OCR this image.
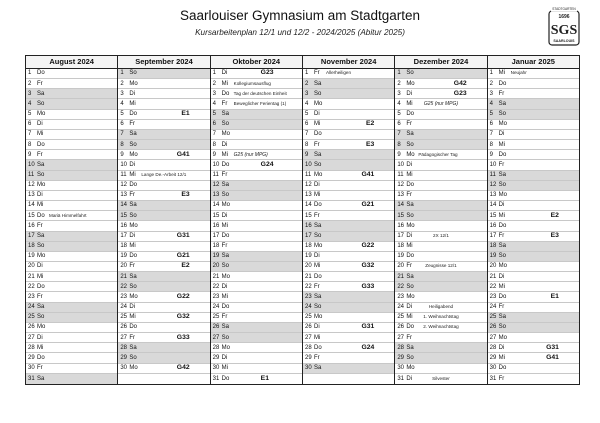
Saarlouiser Gymnasium am Stadtgarten
Kursarbeitenplan 12/1 und 12/2 - 2024/2025 (Abitur 2025)
STADTGARTEN
1696
SGS
SAARLOUIS
August 2024
1 Do
2 Fr
3 Sa
4 So
5 Mo
6 Di
7 Mi
8 Do
9 Fr
10 Sa
11 So
12 Mo
13 Di
14 Mi
15 Do Mariä Himmelfahrt
16 Fr
17 Sa
18 So
19 Mo
20 Di
21 Mi
22 Do
23 Fr
24 Sa
25 So
26 Mo
27 Di
28 Mi
29 Do
30 Fr
31 Sa
September 2024
1 So
2 Mo
3 Di
4 Mi
5 Do	E1
6 Fr
7 Sa
8 So
9 Mo	G41
10 Di
11 Mi	Lange De.-Arbeit 12/1
12 Do
13 Fr	E3
14 Sa
15 So
16 Mo
17 Di	G31
18 Mi
19 Do	G21
20 Fr	E2
21 Sa
22 So
23 Mo	G22
24 Di
25 Mi	G32
26 Do
27 Fr	G33
28 Sa
29 So
30 Mo	G42
Oktober 2024
1 Di	G23
2 Mi	Kollegiumsausflug
3 Do Tag der deutschen Einheit
4 Fr	Beweglicher Ferientag (1)
5 Sa
6 So
7 Mo
8 Di
9 Mi	G25 (nur MPG)
10 Do	G24
11 Fr
12 Sa
13 So
14 Mo
15 Di
16 Mi
17 Do
18 Fr
19 Sa
20 So
21 Mo
22 Di
23 Mi
24 Do
25 Fr
26 Sa
27 So
28 Mo
29 Di
30 Mi
31 Do	E1
November 2024
1 Fr	Allerheiligen
2 Sa
3 So
4 Mo
5 Di
6 Mi	E2
7 Do
8 Fr	E3
9 Sa
10 So
11 Mo	G41
12 Di
13 Mi
14 Do	G21
15 Fr
16 Sa
17 So
18 Mo	G22
19 Di
20 Mi	G32
21 Do
22 Fr	G33
23 Sa
24 So
25 Mo
26 Di	G31
27 Mi
28 Do	G24
29 Fr
30 Sa
Dezember 2024
1 So
2 Mo	G42
3 Di	G23
4 Mi	G25 (nur MPG)
5 Do
6 Fr
7 Sa
8 So
9 Mo Pädagogischer Tag
10 Di
11 Mi
12 Do
13 Fr
14 Sa
15 So
16 Mo
17 Di	2X 12/1
18 Mi
19 Do
20 Fr	Zeugnisse 12/1
21 Sa
22 So
23 Mo
24 Di	Heiligabend
25 Mi	1. Weihnachtstag
26 Do	2. Weihnachtstag
27 Fr
28 Sa
29 So
30 Mo
31 Di	Silvester
Januar 2025
1 Mi	Neujahr
2 Do
3 Fr
4 Sa
5 So
6 Mo
7 Di
8 Mi
9 Do
10 Fr
11 Sa
12 So
13 Mo
14 Di
15 Mi	E2
16 Do
17 Fr	E3
18 Sa
19 So
20 Mo
21 Di
22 Mi
23 Do	E1
24 Fr
25 Sa
26 So
27 Mo
28 Di	G31
29 Mi	G41
30 Do
31 Fr
